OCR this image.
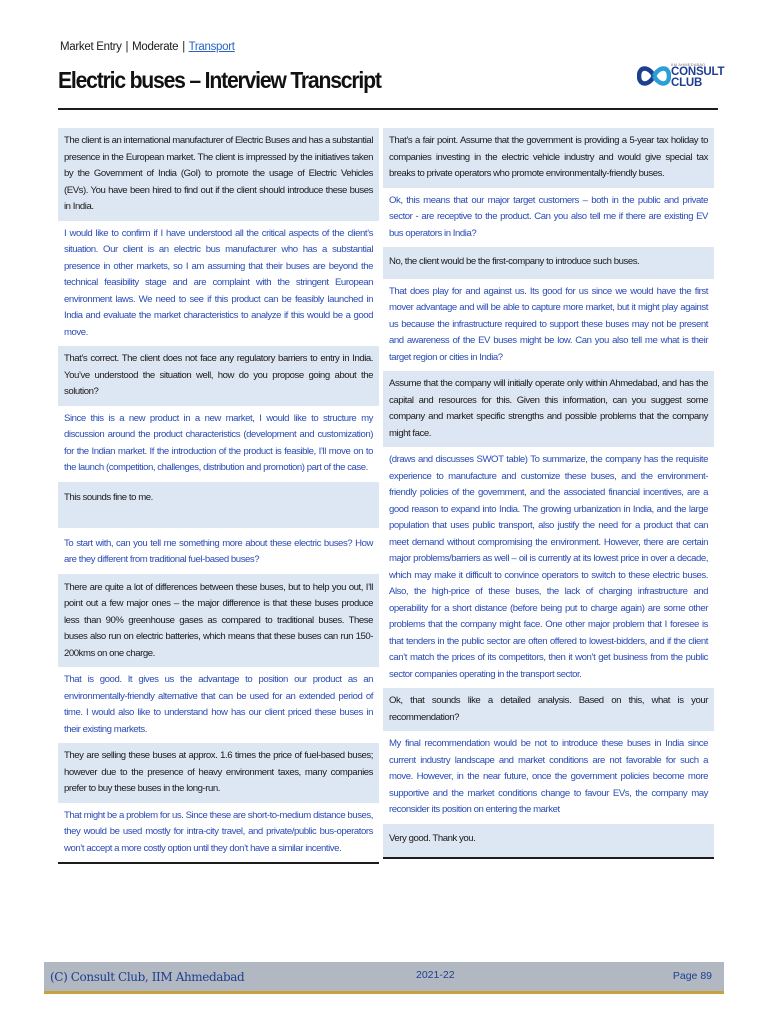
Market Entry | Moderate | Transport
Electric buses – Interview Transcript
IIM AHMEDABAD
CONSULT
CLUB
The client is an international manufacturer of Electric Buses and has a substantial presence in the European market. The client is impressed by the initiatives taken by the Government of India (GoI) to promote the usage of Electric Vehicles (EVs). You have been hired to find out if the client should introduce these buses in India.
I would like to confirm if I have understood all the critical aspects of the client’s situation. Our client is an electric bus manufacturer who has a substantial presence in other markets, so I am assuming that their buses are beyond the technical feasibility stage and are complaint with the stringent European environment laws. We need to see if this product can be feasibly launched in India and evaluate the market characteristics to analyze if this would be a good move.
That’s correct. The client does not face any regulatory barriers to entry in India. You’ve understood the situation well, how do you propose going about the solution?
Since this is a new product in a new market, I would like to structure my discussion around the product characteristics (development and customization) for the Indian market. If the introduction of the product is feasible, I’ll move on to the launch (competition, challenges, distribution and promotion) part of the case.
This sounds fine to me.
To start with, can you tell me something more about these electric buses? How are they different from traditional fuel-based buses?
There are quite a lot of differences between these buses, but to help you out, I’ll point out a few major ones – the major difference is that these buses produce less than 90% greenhouse gases as compared to traditional buses. These buses also run on electric batteries, which means that these buses can run 150-200kms on one charge.
That is good. It gives us the advantage to position our product as an environmentally-friendly alternative that can be used for an extended period of time. I would also like to understand how has our client priced these buses in their existing markets.
They are selling these buses at approx. 1.6 times the price of fuel-based buses; however due to the presence of heavy environment taxes, many companies prefer to buy these buses in the long-run.
That might be a problem for us. Since these are short-to-medium distance buses, they would be used mostly for intra-city travel, and private/public bus-operators won’t accept a more costly option until they don’t have a similar incentive.
That’s a fair point. Assume that the government is providing a 5-year tax holiday to companies investing in the electric vehicle industry and would give special tax breaks to private operators who promote environmentally-friendly buses.
Ok, this means that our major target customers – both in the public and private sector - are receptive to the product. Can you also tell me if there are existing EV bus operators in India?
No, the client would be the first-company to introduce such buses.
That does play for and against us. Its good for us since we would have the first mover advantage and will be able to capture more market, but it might play against us because the infrastructure required to support these buses may not be present and awareness of the EV buses might be low. Can you also tell me what is their target region or cities in India?
Assume that the company will initially operate only within Ahmedabad, and has the capital and resources for this. Given this information, can you suggest some company and market specific strengths and possible problems that the company might face.
(draws and discusses SWOT table) To summarize, the company has the requisite experience to manufacture and customize these buses, and the environment-friendly policies of the government, and the associated financial incentives, are a good reason to expand into India. The growing urbanization in India, and the large population that uses public transport, also justify the need for a product that can meet demand without compromising the environment. However, there are certain major problems/barriers as well – oil is currently at its lowest price in over a decade, which may make it difficult to convince operators to switch to these electric buses. Also, the high-price of these buses, the lack of charging infrastructure and operability for a short distance (before being put to charge again) are some other problems that the company might face. One other major problem that I foresee is that tenders in the public sector are often offered to lowest-bidders, and if the client can’t match the prices of its competitors, then it won’t get business from the public sector companies operating in the transport sector.
Ok, that sounds like a detailed analysis. Based on this, what is your recommendation?
My final recommendation would be not to introduce these buses in India since current industry landscape and market conditions are not favorable for such a move. However, in the near future, once the government policies become more supportive and the market conditions change to favour EVs, the company may reconsider its position on entering the market
Very good. Thank you.
(C) Consult Club, IIM Ahmedabad	2021-22	Page 89
